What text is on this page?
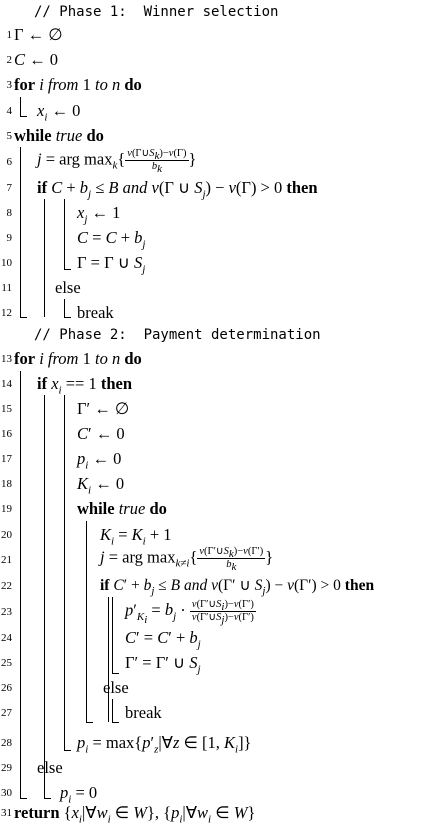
// Phase 1:  Winner selection
1 Γ ← ∅
2 C ← 0
3 for i from 1 to n do
4 $x_i$ ← 0
5 while true do
6 j = arg $\max_k\{ \frac{v(\Gamma\cup S_k)-v(\Gamma)}{b_k}$ }
7 if $C + b_j \le B$ and v(Γ ∪ $S_j) - v(\Gamma) > 0$ then
8	$x_j$ ← 1
9	$C = C + b_j$
10	Γ = Γ ∪ $S_j$
11	else
12	break
// Phase 2:  Payment determination
13 for i from 1 to n do
14 if $x_i == 1$ then
15	Γ′ ← ∅
16	C′ ← 0
17	$p_i$ ← 0
18	$K_i$ ← 0
19	while true do
20	$K_i = K_i + 1$
21	j = arg $\max_{k\ne i}\{ \frac{v(\Gamma'\cup S_k)-v(\Gamma')}{b_k}$ }
22	if $C' + b_j \le B$ and v(Γ′ ∪ $S_j) - v(\Gamma') > 0$ then
23	$p'_{K_i} = b_j \cdot \frac{v(\Gamma'\cup S_i)-v(\Gamma')}{v(\Gamma'\cup S_j)-v(\Gamma')}$
24	$C' = C' + b_j$
25	Γ′ = Γ′ ∪ $S_j$
26	else
27	break
28	$p_i$ = $\max\{p'_z|\forall z$ ∈ [1, $K_i$]}
29 else
30	$p_i = 0$
31 return {$x_i|\forall w_i$ ∈ W}, {$p_i|\forall w_i$ ∈ W}
